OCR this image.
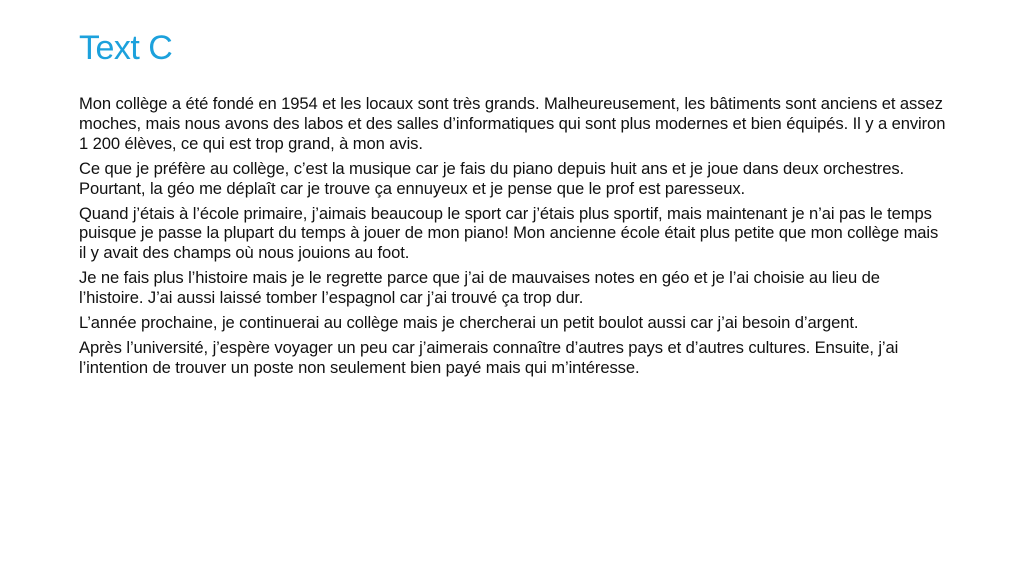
Text C

Mon collège a été fondé en 1954 et les locaux sont très grands. Malheureusement, les bâtiments sont anciens et assez moches, mais nous avons des labos et des salles d’informatiques qui sont plus modernes et bien équipés. Il y a environ 1 200 élèves, ce qui est trop grand, à mon avis.

Ce que je préfère au collège, c’est la musique car je fais du piano depuis huit ans et je joue dans deux orchestres. Pourtant, la géo me déplaît car je trouve ça ennuyeux et je pense que le prof est paresseux.

Quand j’étais à l’école primaire, j’aimais beaucoup le sport car j’étais plus sportif, mais maintenant je n’ai pas le temps puisque je passe la plupart du temps à jouer de mon piano! Mon ancienne école était plus petite que mon collège mais il y avait des champs où nous jouions au foot.

Je ne fais plus l’histoire mais je le regrette parce que j’ai de mauvaises notes en géo et je l’ai choisie au lieu de l’histoire. J’ai aussi laissé tomber l’espagnol car j’ai trouvé ça trop dur.

L’année prochaine, je continuerai au collège mais je chercherai un petit boulot aussi car j’ai besoin d’argent.

Après l’université, j’espère voyager un peu car j’aimerais connaître d’autres pays et d’autres cultures. Ensuite, j’ai l’intention de trouver un poste non seulement bien payé mais qui m’intéresse.
